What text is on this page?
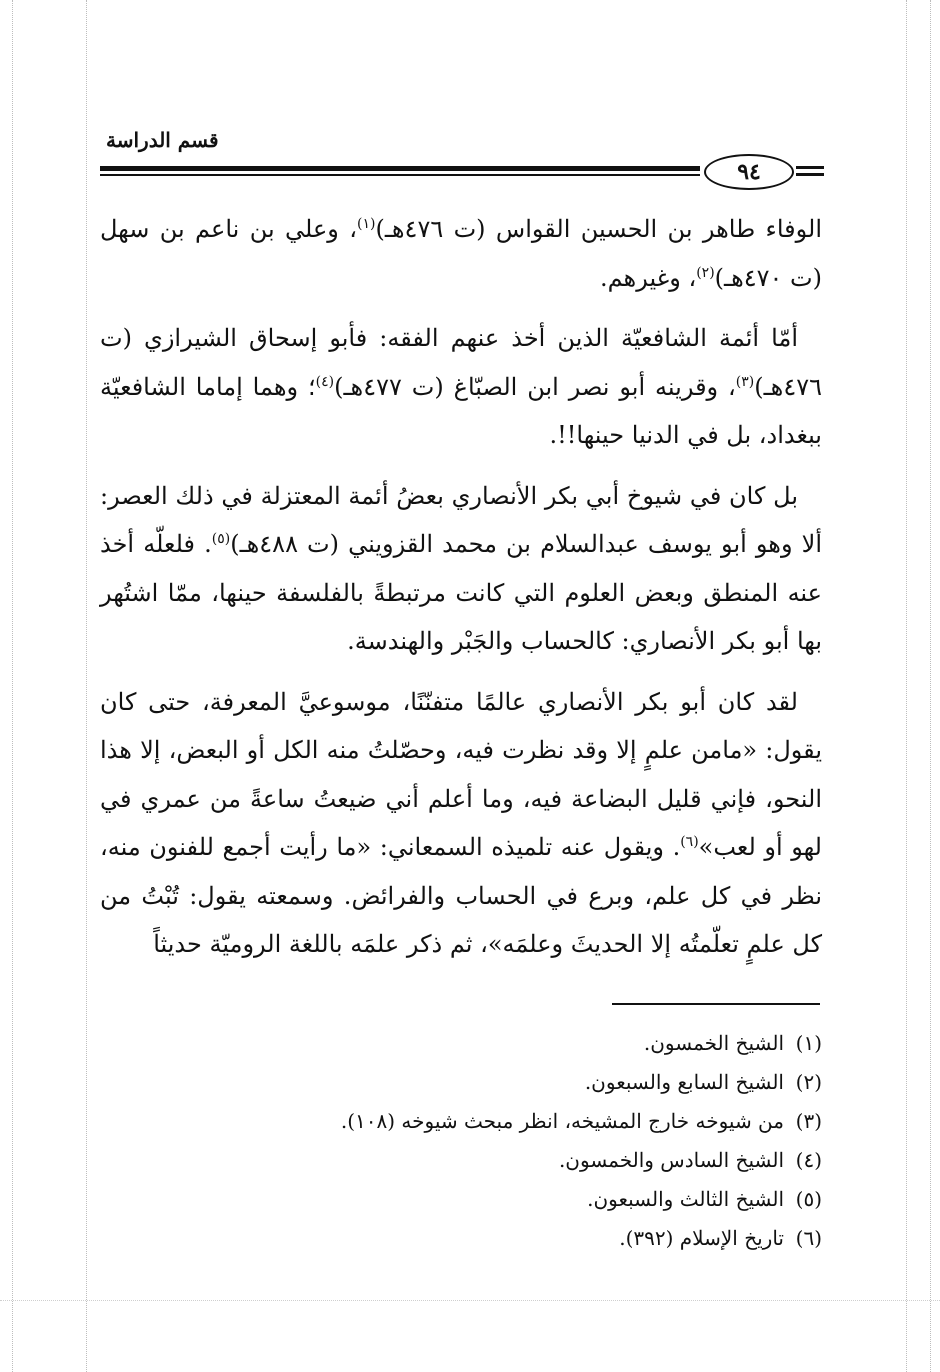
قسم الدراسة
٩٤

الوفاء طاهر بن الحسين القواس (ت ٤٧٦هـ)$^{(١)}$، وعلي بن ناعم بن سهل (ت ٤٧٠هـ)$^{(٢)}$، وغيرهم.

أمّا أئمة الشافعيّة الذين أخذ عنهم الفقه: فأبو إسحاق الشيرازي (ت ٤٧٦هـ)$^{(٣)}$، وقرينه أبو نصر ابن الصبّاغ (ت ٤٧٧هـ)$^{(٤)}$؛ وهما إماما الشافعيّة ببغداد، بل في الدنيا حينها!!.

بل كان في شيوخ أبي بكر الأنصاري بعضُ أئمة المعتزلة في ذلك العصر: ألا وهو أبو يوسف عبدالسلام بن محمد القزويني (ت ٤٨٨هـ)$^{(٥)}$. فلعلّه أخذ عنه المنطق وبعض العلوم التي كانت مرتبطةً بالفلسفة حينها، ممّا اشتُهر بها أبو بكر الأنصاري: كالحساب والجَبْر والهندسة.

لقد كان أبو بكر الأنصاري عالمًا متفنّنًا، موسوعيَّ المعرفة، حتى كان يقول: «مامن علمٍ إلا وقد نظرت فيه، وحصّلتُ منه الكل أو البعض، إلا هذا النحو، فإني قليل البضاعة فيه، وما أعلم أني ضيعتُ ساعةً من عمري في لهو أو لعب»$^{(٦)}$. ويقول عنه تلميذه السمعاني: «ما رأيت أجمع للفنون منه، نظر في كل علم، وبرع في الحساب والفرائض. وسمعته يقول: تُبْتُ من كل علمٍ تعلّمتُه إلا الحديثَ وعلمَه»، ثم ذكر علمَه باللغة الروميّة حديثاً

(١)الشيخ الخمسون.
(٢)الشيخ السابع والسبعون.
(٣)من شيوخه خارج المشيخه، انظر مبحث شيوخه (١٠٨).
(٤)الشيخ السادس والخمسون.
(٥)الشيخ الثالث والسبعون.
(٦)تاريخ الإسلام (٣٩٢).
